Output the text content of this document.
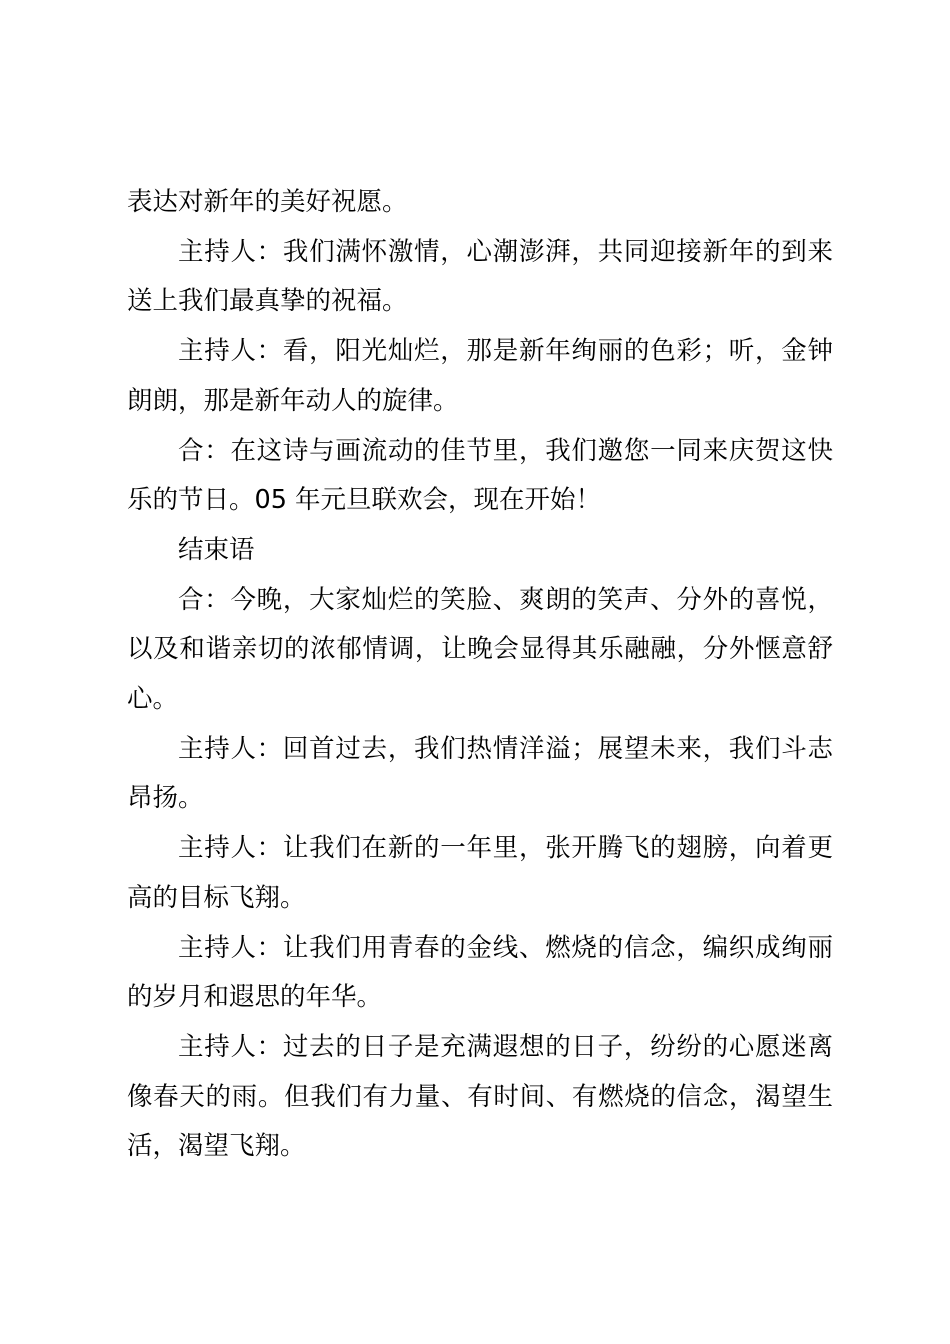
表达对新年的美好祝愿。

主持人：我们满怀激情，心潮澎湃，共同迎接新年的到来送上我们最真挚的祝福。

主持人：看，阳光灿烂，那是新年绚丽的色彩；听，金钟朗朗，那是新年动人的旋律。

合：在这诗与画流动的佳节里，我们邀您一同来庆贺这快乐的节日。05 年元旦联欢会，现在开始！

结束语

合：今晚，大家灿烂的笑脸、爽朗的笑声、分外的喜悦，以及和谐亲切的浓郁情调，让晚会显得其乐融融，分外惬意舒心。

主持人：回首过去，我们热情洋溢；展望未来，我们斗志昂扬。

主持人：让我们在新的一年里，张开腾飞的翅膀，向着更高的目标飞翔。

主持人：让我们用青春的金线、燃烧的信念，编织成绚丽的岁月和遐思的年华。

主持人：过去的日子是充满遐想的日子，纷纷的心愿迷离像春天的雨。但我们有力量、有时间、有燃烧的信念，渴望生活，渴望飞翔。
